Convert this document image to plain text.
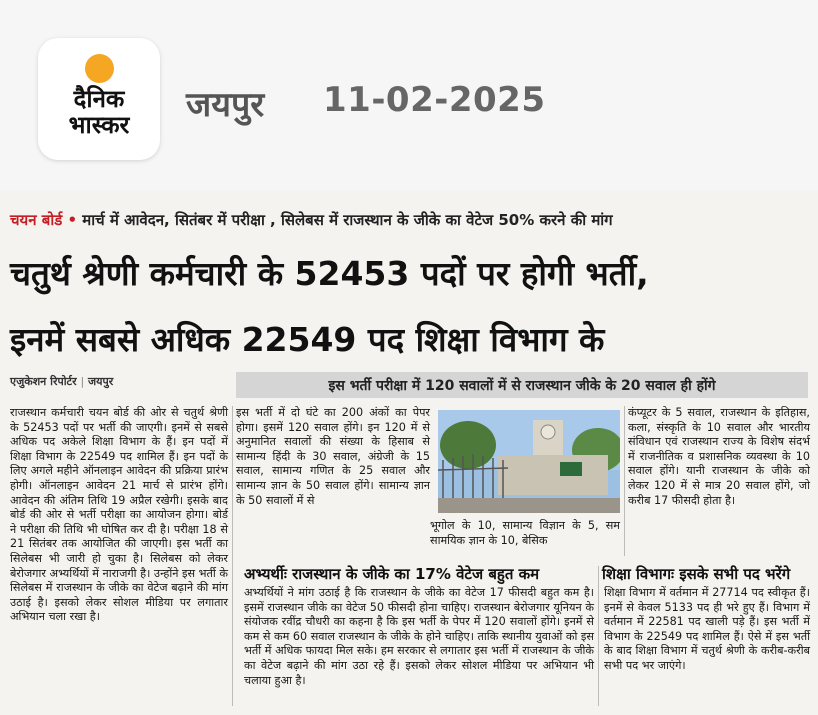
दैनिक
भास्कर	जयपुर 11-02-2025
चयन बोर्ड • मार्च में आवेदन, सितंबर में परीक्षा , सिलेबस में राजस्थान के जीके का वेटेज 50% करने की मांग
चतुर्थ श्रेणी कर्मचारी के 52453 पदों पर होगी भर्ती,
इनमें सबसे अधिक 22549 पद शिक्षा विभाग के
एजुकेशन रिपोर्टर | जयपुर	इस भर्ती परीक्षा में 120 सवालों में से राजस्थान जीके के 20 सवाल ही होंगे
राजस्थान कर्मचारी चयन बोर्ड की ओर से चतुर्थ श्रेणी के 52453 पदों पर भर्ती की जाएगी। इनमें से सबसे अधिक पद अकेले शिक्षा विभाग के हैं। इन पदों में शिक्षा विभाग के 22549 पद शामिल हैं। इन पदों के लिए अगले महीने ऑनलाइन आवेदन की प्रक्रिया प्रारंभ होगी। ऑनलाइन आवेदन 21 मार्च से प्रारंभ होंगे। आवेदन की अंतिम तिथि 19 अप्रैल रखेगी। इसके बाद बोर्ड की ओर से भर्ती परीक्षा का आयोजन होगा। बोर्ड ने परीक्षा की तिथि भी घोषित कर दी है। परीक्षा 18 से 21 सितंबर तक आयोजित की जाएगी। इस भर्ती का सिलेबस भी जारी हो चुका है। सिलेबस को लेकर बेरोजगार अभ्यर्थियों में नाराजगी है। उन्होंने इस भर्ती के सिलेबस में राजस्थान के जीके का वेटेज बढ़ाने की मांग उठाई है। इसको लेकर सोशल मीडिया पर लगातार अभियान चला रखा है।
इस भर्ती में दो घंटे का 200 अंकों का पेपर होगा। इसमें 120 सवाल होंगे। इन 120 में से अनुमानित सवालों की संख्या के हिसाब से सामान्य हिंदी के 30 सवाल, अंग्रेजी के 15 सवाल, सामान्य गणित के 25 सवाल और सामान्य ज्ञान के 50 सवाल होंगे। सामान्य ज्ञान के 50 सवालों में से
भूगोल के 10, सामान्य विज्ञान के 5, सम सामयिक ज्ञान के 10, बेसिक
कंप्यूटर के 5 सवाल, राजस्थान के इतिहास, कला, संस्कृति के 10 सवाल और भारतीय संविधान एवं राजस्थान राज्य के विशेष संदर्भ में राजनीतिक व प्रशासनिक व्यवस्था के 10 सवाल होंगे। यानी राजस्थान के जीके को लेकर 120 में से मात्र 20 सवाल होंगे, जो करीब 17 फीसदी होता है।
अभ्यर्थीः राजस्थान के जीके का 17% वेटेज बहुत कम
अभ्यर्थियों ने मांग उठाई है कि राजस्थान के जीके का वेटेज 17 फीसदी बहुत कम है। इसमें राजस्थान जीके का वेटेज 50 फीसदी होना चाहिए। राजस्थान बेरोजगार यूनियन के संयोजक रवींद्र चौधरी का कहना है कि इस भर्ती के पेपर में 120 सवालों होंगे। इनमें से कम से कम 60 सवाल राजस्थान के जीके के होने चाहिए। ताकि स्थानीय युवाओं को इस भर्ती में अधिक फायदा मिल सके। हम सरकार से लगातार इस भर्ती में राजस्थान के जीके का वेटेज बढ़ाने की मांग उठा रहे हैं। इसको लेकर सोशल मीडिया पर अभियान भी चलाया हुआ है।
शिक्षा विभागः इसके सभी पद भरेंगे
शिक्षा विभाग में वर्तमान में 27714 पद स्वीकृत हैं। इनमें से केवल 5133 पद ही भरे हुए हैं। विभाग में वर्तमान में 22581 पद खाली पड़े हैं। इस भर्ती में विभाग के 22549 पद शामिल हैं। ऐसे में इस भर्ती के बाद शिक्षा विभाग में चतुर्थ श्रेणी के करीब-करीब सभी पद भर जाएंगे।
